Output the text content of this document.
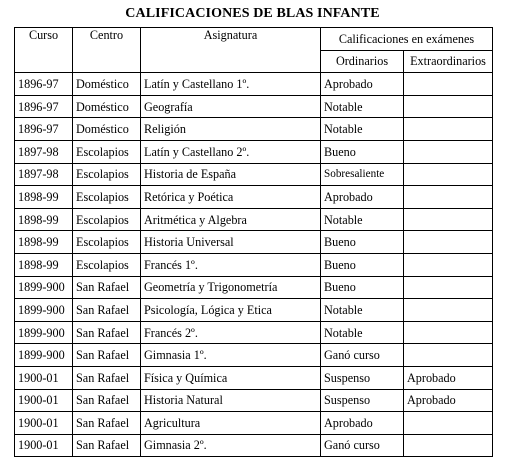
CALIFICACIONES DE BLAS INFANTE
Curso	Centro	Asignatura	Calificaciones en exámenes	
			Ordinarios	Extraordinarios
1896-97	Doméstico	Latín y Castellano 1º.	Aprobado	
1896-97	Doméstico	Geografía	Notable	
1896-97	Doméstico	Religión	Notable	
1897-98	Escolapios	Latín y Castellano 2º.	Bueno	
1897-98	Escolapios	Historia de España	Sobresaliente	
1898-99	Escolapios	Retórica y Poética	Aprobado	
1898-99	Escolapios	Aritmética y Algebra	Notable	
1898-99	Escolapios	Historia Universal	Bueno	
1898-99	Escolapios	Francés 1º.	Bueno	
1899-900	San Rafael	Geometría y Trigonometría	Bueno	
1899-900	San Rafael	Psicología, Lógica y Etica	Notable	
1899-900	San Rafael	Francés 2º.	Notable	
1899-900	San Rafael	Gimnasia 1º.	Ganó curso	
1900-01	San Rafael	Física y Química	Suspenso	Aprobado
1900-01	San Rafael	Historia Natural	Suspenso	Aprobado
1900-01	San Rafael	Agricultura	Aprobado	
1900-01	San Rafael	Gimnasia 2º.	Ganó curso	
